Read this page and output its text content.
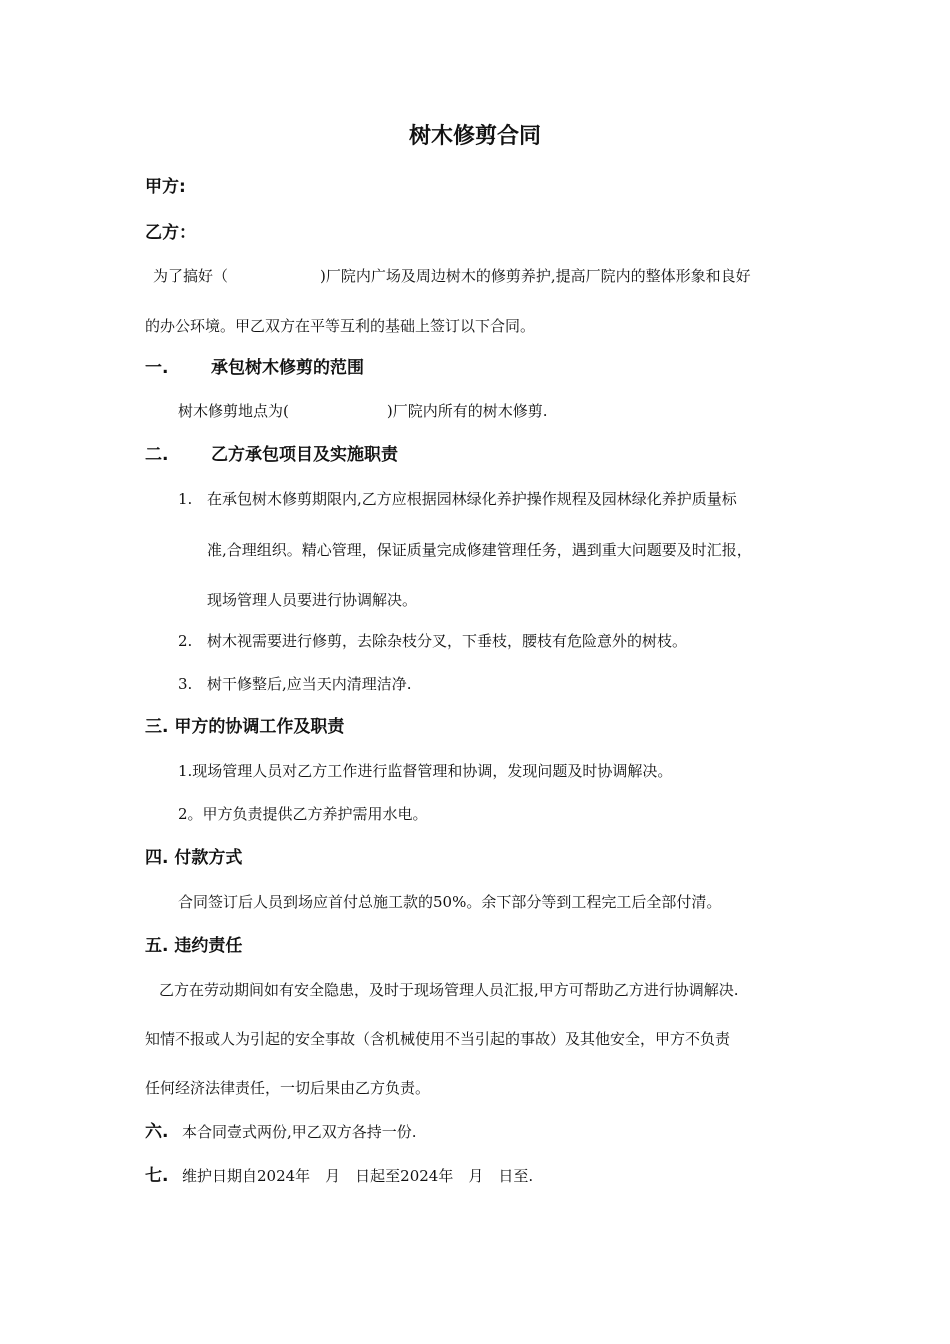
树木修剪合同
甲方:
乙方：
为了搞好（	)厂院内广场及周边树木的修剪养护,提高厂院内的整体形象和良好
的办公环境。甲乙双方在平等互利的基础上签订以下合同。
一.	承包树木修剪的范围
树木修剪地点为(	)厂院内所有的树木修剪.
二.	乙方承包项目及实施职责
1. 在承包树木修剪期限内,乙方应根据园林绿化养护操作规程及园林绿化养护质量标
准,合理组织。精心管理，保证质量完成修建管理任务，遇到重大问题要及时汇报，
现场管理人员要进行协调解决。
2. 树木视需要进行修剪，去除杂枝分叉，下垂枝，腰枝有危险意外的树枝。
3. 树干修整后,应当天内清理洁净.
三. 甲方的协调工作及职责
1.现场管理人员对乙方工作进行监督管理和协调，发现问题及时协调解决。
2。甲方负责提供乙方养护需用水电。
四. 付款方式
合同签订后人员到场应首付总施工款的50%。余下部分等到工程完工后全部付清。
五. 违约责任
乙方在劳动期间如有安全隐患，及时于现场管理人员汇报,甲方可帮助乙方进行协调解决.
知情不报或人为引起的安全事故（含机械使用不当引起的事故）及其他安全，甲方不负责
任何经济法律责任，一切后果由乙方负责。
六. 本合同壹式两份,甲乙双方各持一份.
七. 维护日期自2024年　月　日起至2024年　月　日至.
